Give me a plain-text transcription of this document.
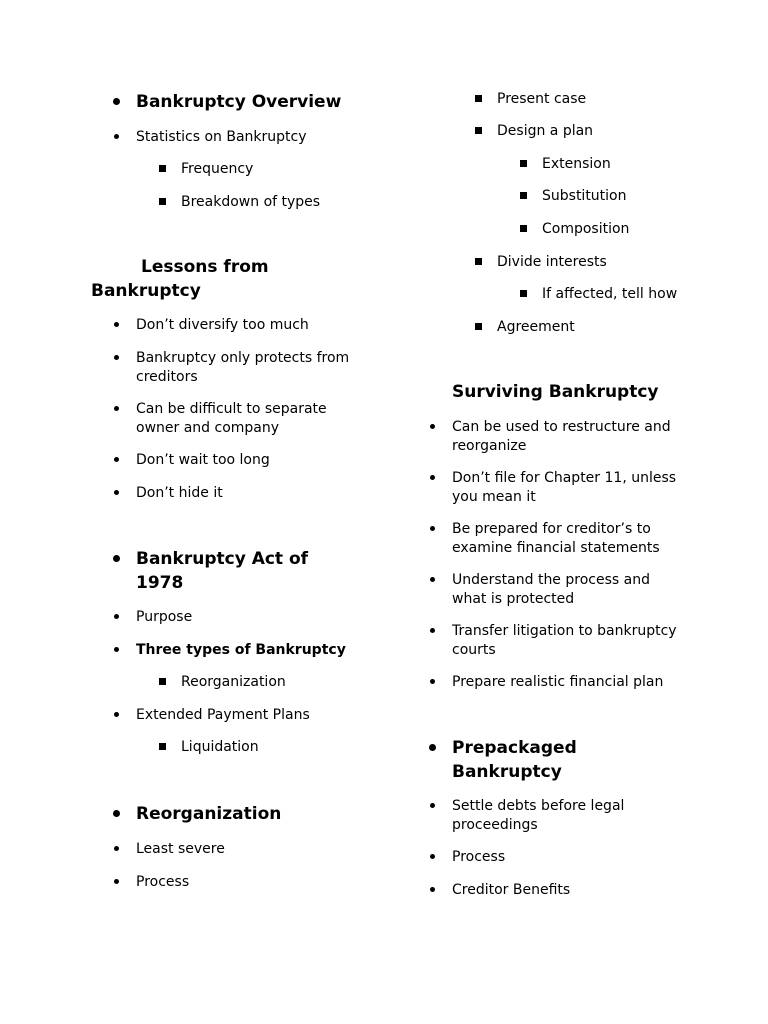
Bankruptcy Overview
Statistics on Bankruptcy
Frequency
Breakdown of types
Lessons from
Bankruptcy
Don’t diversify too much
Bankruptcy only protects from creditors
Can be difficult to separate owner and company
Don’t wait too long
Don’t hide it
Bankruptcy Act of
1978
Purpose
Three types of Bankruptcy
Reorganization
Extended Payment Plans
Liquidation
Reorganization
Least severe
Process
Present case
Design a plan
Extension
Substitution
Composition
Divide interests
If affected, tell how
Agreement
Surviving Bankruptcy
Can be used to restructure and reorganize
Don’t file for Chapter 11, unless you mean it
Be prepared for creditor’s to examine financial statements
Understand the process and what is protected
Transfer litigation to bankruptcy courts
Prepare realistic financial plan
Prepackaged
Bankruptcy
Settle debts before legal proceedings
Process
Creditor Benefits
